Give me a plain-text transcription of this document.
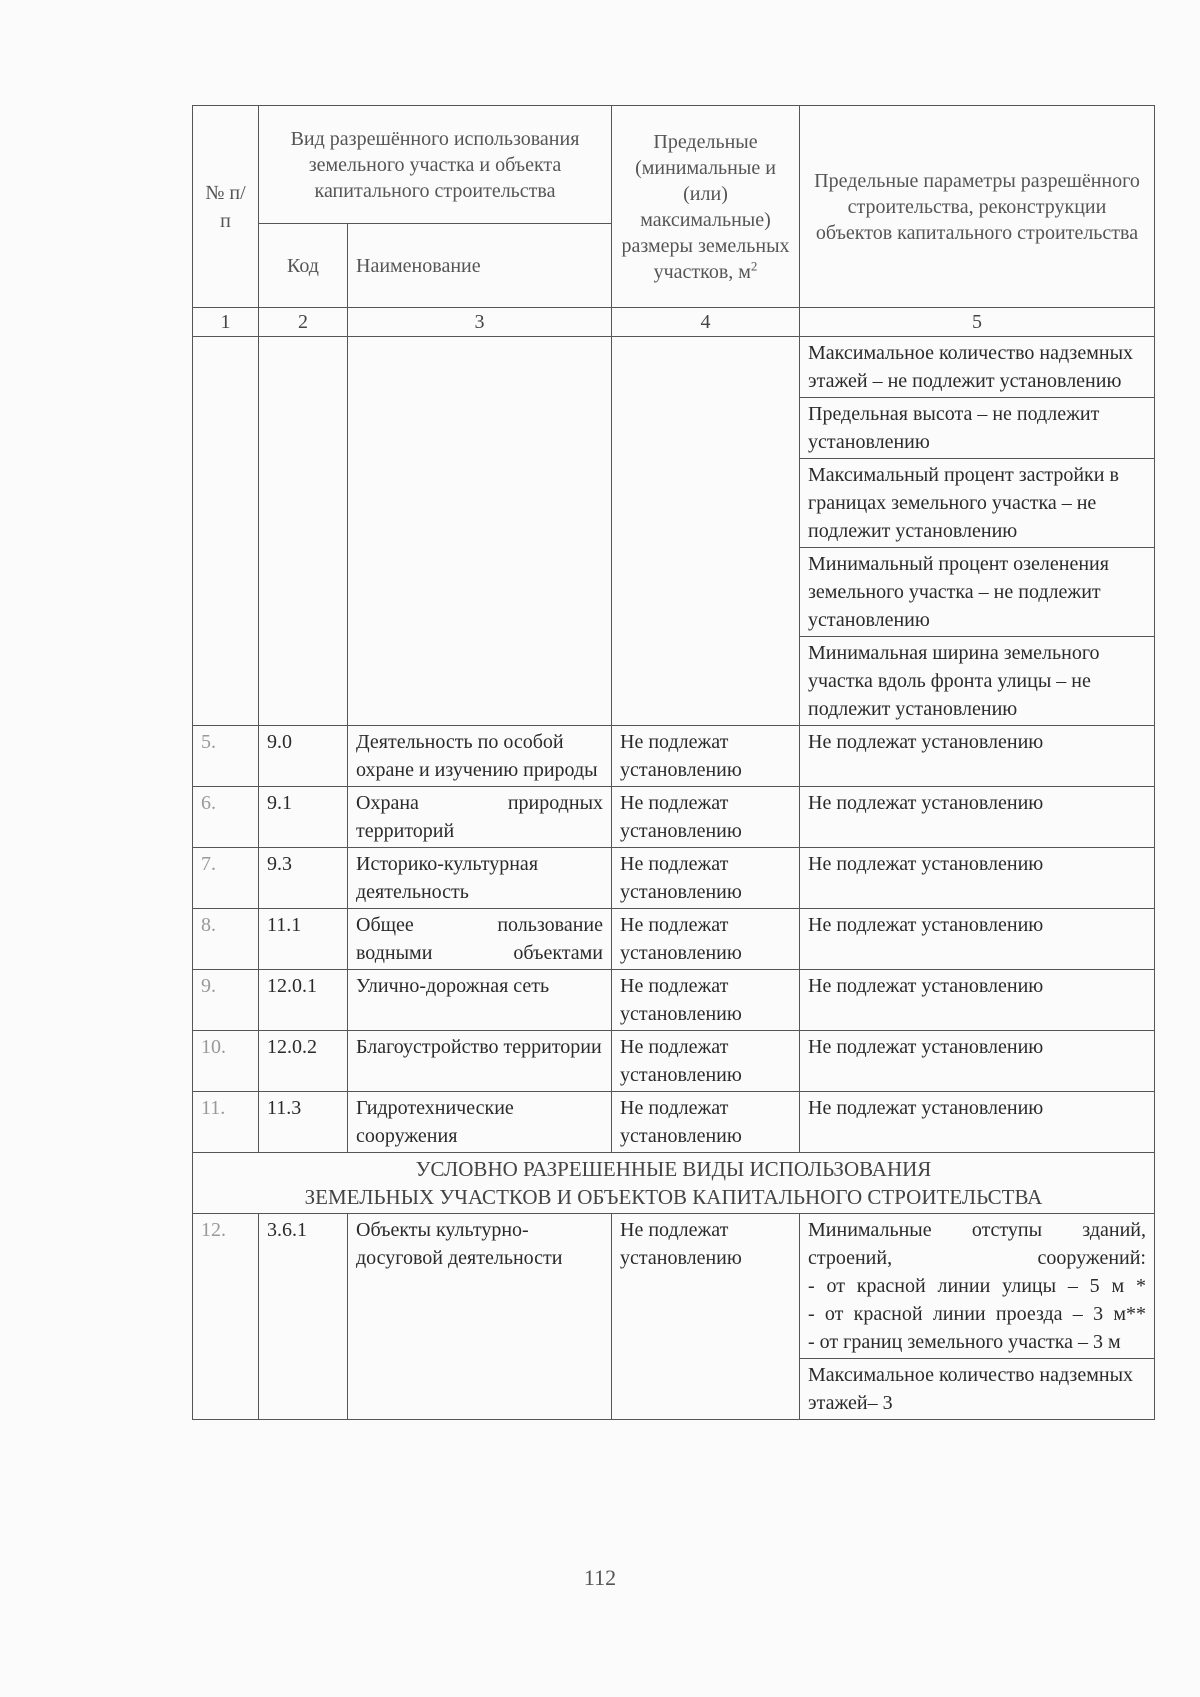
№ п/п	Вид разрешённого использования земельного участка и объекта капитального строительства		Предельные (минимальные и (или) максимальные) размеры земельных участков, $м^2$	Предельные параметры разрешённого строительства, реконструкции объектов капитального строительства

	Код	Наименование		
1	2	3	4	5
				Максимальное количество надземных этажей – не подлежит установлению
				Предельная высота – не подлежит установлению
				Максимальный процент застройки в границах земельного участка – не подлежит установлению
				Минимальный процент озеленения земельного участка – не подлежит установлению
				Минимальная ширина земельного участка вдоль фронта улицы – не подлежит установлению
5.	9.0	Деятельность по особой охране и изучению природы	Не подлежат установлению	Не подлежат установлению
6.	9.1	Охрана природных территорий	Не подлежат установлению	Не подлежат установлению
7.	9.3	Историко-культурная деятельность	Не подлежат установлению	Не подлежат установлению
8.	11.1	Общее пользование водными объектами	Не подлежат установлению	Не подлежат установлению
9.	12.0.1	Улично-дорожная сеть	Не подлежат установлению	Не подлежат установлению
10.	12.0.2	Благоустройство территории	Не подлежат установлению	Не подлежат установлению
11.	11.3	Гидротехнические сооружения	Не подлежат установлению	Не подлежат установлению

УСЛОВНО РАЗРЕШЕННЫЕ ВИДЫ ИСПОЛЬЗОВАНИЯ
ЗЕМЕЛЬНЫХ УЧАСТКОВ И ОБЪЕКТОВ КАПИТАЛЬНОГО СТРОИТЕЛЬСТВА				

12.	3.6.1	Объекты культурно-досуговой деятельности	Не подлежат установлению	Минимальные отступы зданий, строений, сооружений:
- от красной линии улицы – 5 м *
- от красной линии проезда – 3 м**
- от границ земельного участка – 3 м

				Максимальное количество надземных этажей– 3
112
